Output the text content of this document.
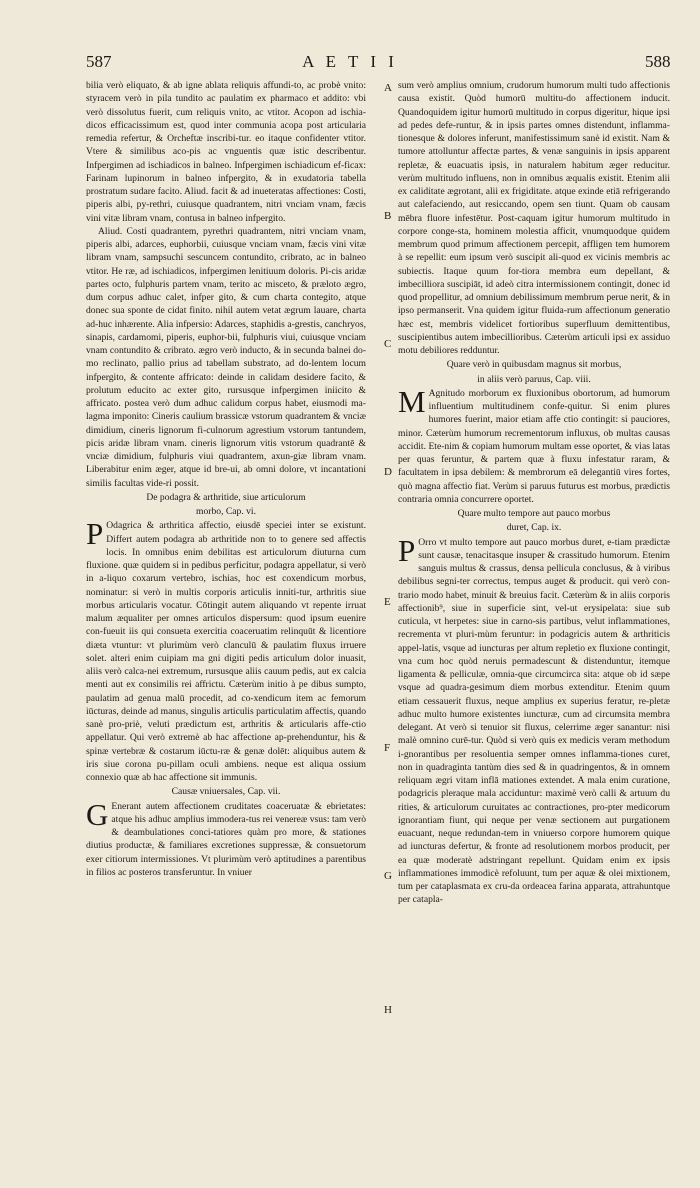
587	A E T I I	588

bilia verò eliquato, & ab igne ablata reliquis affundi-to, ac probè vnito: styracem verò in pila tundito ac paulatim ex pharmaco et addito: vbi verò dissolutus fuerit, cum reliquis vnito, ac vtitor. Acopon ad ischia-dicos efficacissimum est, quod inter communia acopa post articularia remedia refertur, & Orcheftæ inscribi-tur. eo itaque confidenter vtitor. Vtere & similibus aco-pis ac vnguentis quæ istic describentur. Infpergimen ad ischiadicos in balneo. Infpergimen ischiadicum ef-ficax: Farinam lupinorum in balneo infpergito, & in exudatoria tabella prostratum sudare facito. Aliud. facit & ad inueteratas affectiones: Costi, piperis albi, py-rethri, cuiusque quadrantem, nitri vnciam vnam, fæcis vini vitæ libram vnam, contusa in balneo infpergito.

Aliud. Costi quadrantem, pyrethri quadrantem, nitri vnciam vnam, piperis albi, adarces, euphorbii, cuiusque vnciam vnam, fæcis vini vitæ libram vnam, sampsuchi sescuncem contundito, cribrato, ac in balneo vtitor. He ræ, ad ischiadicos, infpergimen lenitiuum doloris. Pi-cis aridæ partes octo, fulphuris partem vnam, terito ac misceto, & præloto ægro, dum corpus adhuc calet, infper gito, & cum charta contegito, atque donec sua sponte de cidat finito. nihil autem vetat ægrum lauare, charta ad-huc inhærente. Alia infpersio: Adarces, staphidis a-grestis, canchryos, sinapis, cardamomi, piperis, euphor-bii, fulphuris viui, cuiusque vnciam vnam contundito & cribrato. ægro verò inducto, & in secunda balnei do-mo reclinato, pallio prius ad tabellam substrato, ad do-lentem locum infpergito, & contente affricato: deinde in calidam desidere facito, & prolutum educito ac exter gito, rursusque infpergimen iniicito & affricato. postea verò dum adhuc calidum corpus habet, eiusmodi ma-lagma imponito: Cineris caulium brassicæ vstorum quadrantem & vnciæ dimidium, cineris lignorum fi-culnorum agrestium vstorum tantundem, picis aridæ libram vnam. cineris lignorum vitis vstorum quadrantē & vnciæ dimidium, fulphuris viui quadrantem, axun-giæ libram vnam. Liberabitur enim æger, atque id bre-ui, ab omni dolore, vt incantationi similis facultas vide-ri possit.

De podagra & arthritide, siue articulorum

morbo, Cap. vi.

P Odagrica & arthritica affectio, eiusdē speciei inter se existunt. Differt autem podagra ab arthritide non to to genere sed affectis locis. In omnibus enim debilitas est articulorum diuturna cum fluxione. quæ quidem si in pedibus perficitur, podagra appellatur, si verò in a-liquo coxarum vertebro, ischias, hoc est coxendicum morbus, nominatur: si verò in multis corporis articulis inniti-tur, arthritis siue morbus articularis vocatur. Cōtingit autem aliquando vt repente irruat malum æqualiter per omnes articulos dispersum: quod ipsum euenire con-fueuit iis qui consueta exercitia coaceruatim relinquūt & licentiore diæta vtuntur: vt plurimùm verò clanculū & paulatim fluxus irruere solet. alteri enim cuipiam ma gni digiti pedis articulum dolor inuasit, aliis verò calca-nei extremum, rursusque aliis cauum pedis, aut ex calcia menti aut ex consimilis rei affrictu. Cæterùm initio à pe dibus sumpto, paulatim ad genua malū procedit, ad co-xendicum item ac femorum iūcturas, deinde ad manus, singulis articulis particulatim affectis, quando sanè pro-priè, veluti prædictum est, arthritis & articularis affe-ctio appellatur. Qui verò extremè ab hac affectione ap-prehenduntur, his & spinæ vertebræ & costarum iūctu-ræ & genæ dolēt: aliquibus autem & iris siue corona pu-pillam oculi ambiens. neque est aliqua ossium connexio quæ ab hac affectione sit immunis.

Causæ vniuersales, Cap. vii.

G Enerant autem affectionem cruditates coaceruatæ & ebrietates: atque his adhuc amplius immodera-tus rei venereæ vsus: tam verò & deambulationes conci-tatiores quàm pro more, & stationes diutius productæ, & familiares excretiones suppressæ, & consuetorum exer citiorum intermissiones. Vt plurimùm verò aptitudines a parentibus in filios ac posteros transferuntur. In vniuer

sum verò amplius omnium, crudorum humorum multi tudo affectionis causa existit. Quòd humorū multitu-do affectionem inducit. Quandoquidem igitur humorū multitudo in corpus digeritur, hique ipsi ad pedes defe-runtur, & in ipsis partes omnes distendunt, inflamma-tionesque & dolores inferunt, manifestissimum sanè id existit. Nam & tumore attolluntur affectæ partes, & venæ sanguinis in ipsis apparent repletæ, & euacuatis ipsis, in naturalem habitum æger reducitur. verùm multitudo influens, non in omnibus æqualis existit. Etenim alii ex caliditate ægrotant, alii ex frigiditate. atque exinde etiā refrigerando aut calefaciendo, aut resiccando, opem sen tiunt. Quam ob causam mēbra fluore infestētur. Post-caquam igitur humorum multitudo in corpore conge-sta, hominem molestia afficit, vnumquodque quidem membrum quod primum affectionem percepit, affligen tem humorem à se repellit: eum ipsum verò suscipit ali-quod ex vicinis membris ac subiectis. Itaque quum for-tiora membra eum depellant, & imbecilliora suscipiāt, id adeò citra intermissionem contingit, donec id quod propellitur, ad omnium debilissimum membrum perue nerit, & in ipso permanserit. Vna quidem igitur fluida-rum affectionum generatio hæc est, membris videlicet fortioribus superfluum demittentibus, suscipientibus autem imbecillioribus. Cæterùm articuli ipsi ex assiduo motu debiliores redduntur.

Quare verò in quibusdam magnus sit morbus,

in aliis verò paruus, Cap. viii.

M Agnitudo morborum ex fluxionibus obortorum, ad humorum influentium multitudinem confe-quitur. Si enim plures humores fuerint, maior etiam affe ctio contingit: si pauciores, minor. Cæterùm humorum recrementorum influxus, ob multas causas accidit. Ete-nim & copiam humorum multam esse oportet, & vias latas per quas feruntur, & partem quæ à fluxu infestatur raram, & facultatem in ipsa debilem: & membrorum eā delegantiū vires fortes, quò magna affectio fiat. Verùm si paruus futurus est morbus, prædictis contraria omnia concurrere oportet.

Quare multo tempore aut pauco morbus

duret, Cap. ix.

P Orro vt multo tempore aut pauco morbus duret, e-tiam prædictæ sunt causæ, tenacitasque insuper & crassitudo humorum. Etenim sanguis multus & crassus, densa pellicula conclusus, & à viribus debilibus segni-ter correctus, tempus auget & producit. qui verò con-trario modo habet, minuit & breuius facit. Cæterùm & in aliis corporis affectionib⁹, siue in superficie sint, vel-ut erysipelata: siue sub cuticula, vt herpetes: siue in carno-sis partibus, velut inflammationes, recrementa vt pluri-mùm feruntur: in podagricis autem & arthriticis appel-latis, vsque ad iuncturas per altum repletio ex fluxione contingit, vna cum hoc quòd neruis permadescunt & distenduntur, itemque ligamenta & pelliculæ, omnia-que circumcirca sita: atque ob id sæpe vsque ad quadra-gesimum diem morbus extenditur. Etenim quum etiam cessauerit fluxus, neque amplius ex superius feratur, re-pletæ adhuc multo humore existentes iuncturæ, cum ad circumsita membra delegant. At verò si tenuior sit fluxus, celerrime æger sanantur: nisi malè omnino curē-tur. Quòd si verò quis ex medicis veram methodum i-gnorantibus per resoluentia semper omnes inflamma-tiones curet, non in quadraginta tantùm dies sed & in quadringentos, & in omnem reliquam ægri vitam inflā mationes extendet. A mala enim curatione, podagricis pleraque mala acciduntur: maximè verò calli & artuum du rities, & articulorum curuitates ac contractiones, pro-pter medicorum ignorantiam fiunt, qui neque per venæ sectionem aut purgationem euacuant, neque redundan-tem in vniuerso corpore humorem quique ad iuncturas defertur, & fronte ad resolutionem morbos producit, per ea quæ moderatè adstringant repellunt. Quidam enim ex ipsis inflammationes immodicè refoluunt, tum per aquæ & olei mixtionem, tum per cataplasmata ex cru-da ordeacea farina apparata, attrahuntque per catapla-

A
B
C
D
E
F
G
H
